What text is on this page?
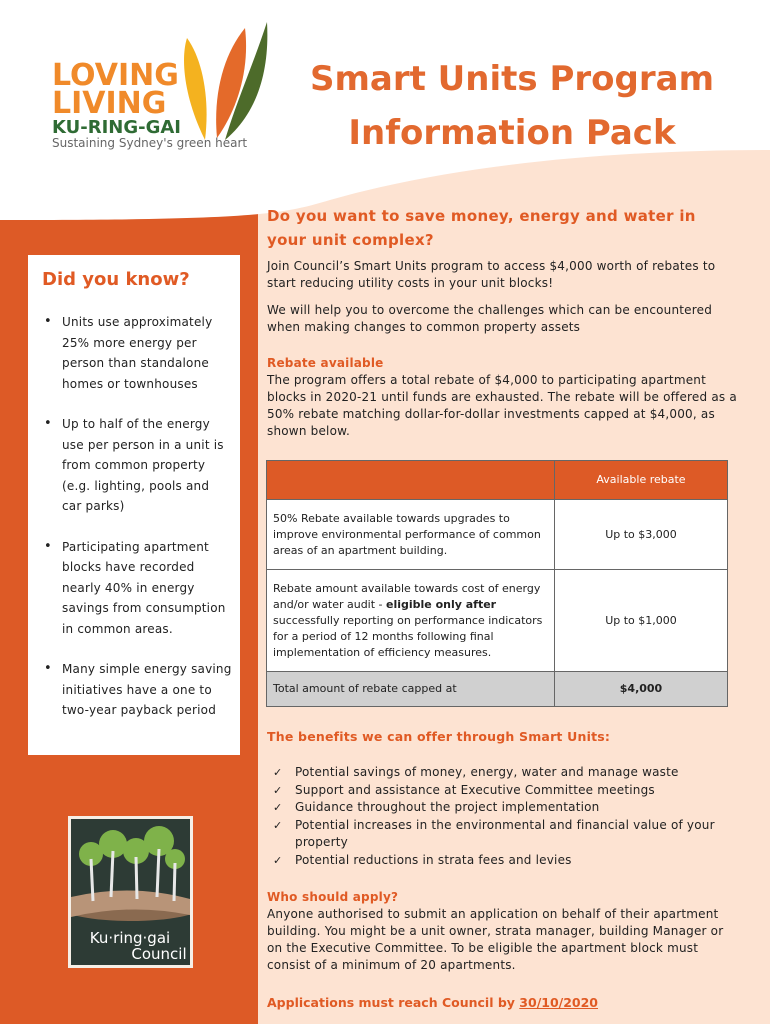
LOVING
LIVING
KU-RING-GAI
Sustaining Sydney's green heart
Smart Units Program
Information Pack
Do you want to save money, energy and water in your unit complex?
Join Council’s Smart Units program to access $4,000 worth of rebates to start reducing utility costs in your unit blocks!
We will help you to overcome the challenges which can be encountered when making changes to common property assets
Rebate available
The program offers a total rebate of $4,000 to participating apartment blocks in 2020-21 until funds are exhausted. The rebate will be offered as a 50% rebate matching dollar-for-dollar investments capped at $4,000, as shown below.
Did you know?
• Units use approximately 25% more energy per person than standalone homes or townhouses
• Up to half of the energy use per person in a unit is from common property (e.g. lighting, pools and car parks)
• Participating apartment blocks have recorded nearly 40% in energy savings from consumption in common areas.
• Many simple energy saving initiatives have a one to two-year payback period
	Available rebate
50% Rebate available towards upgrades to improve environmental performance of common areas of an apartment building.	Up to $3,000
Rebate amount available towards cost of energy and/or water audit - eligible only after successfully reporting on performance indicators for a period of 12 months following final implementation of efficiency measures.	Up to $1,000
Total amount of rebate capped at	$4,000
The benefits we can offer through Smart Units:
✓ Potential savings of money, energy, water and manage waste
✓ Support and assistance at Executive Committee meetings
✓ Guidance throughout the project implementation
✓ Potential increases in the environmental and financial value of your property
✓ Potential reductions in strata fees and levies
Who should apply?
Anyone authorised to submit an application on behalf of their apartment building. You might be a unit owner, strata manager, building Manager or on the Executive Committee. To be eligible the apartment block must consist of a minimum of 20 apartments.
Applications must reach Council by 30/10/2020
Ku·ring·gai
Council
